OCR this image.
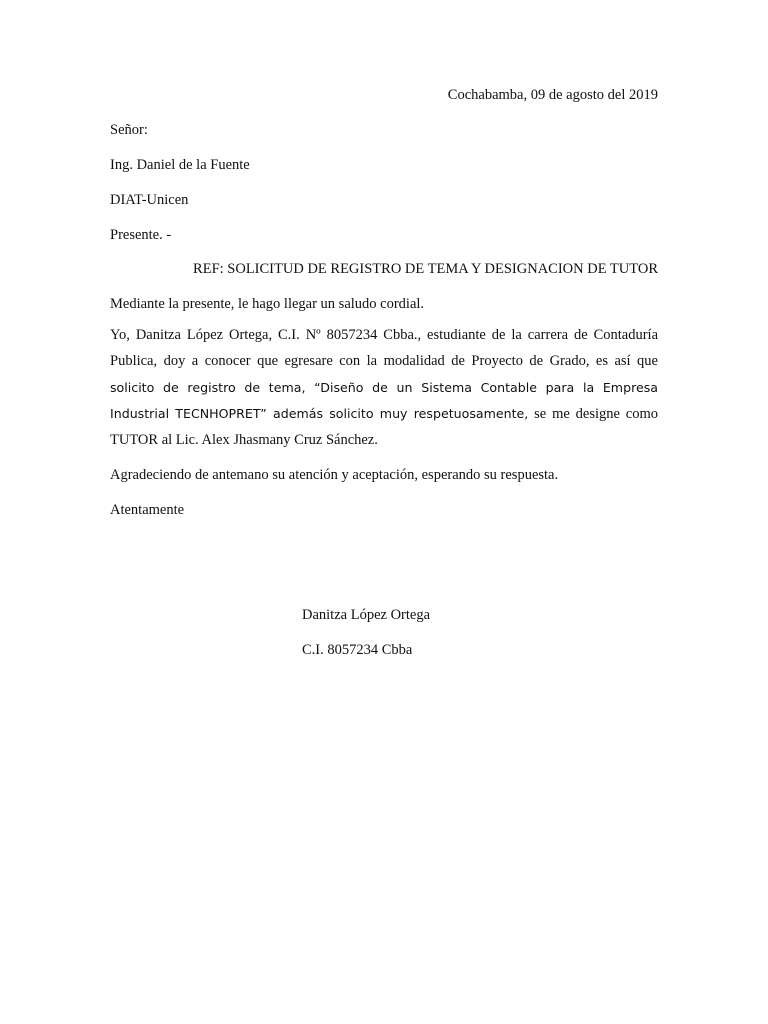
Cochabamba, 09 de agosto del 2019
Señor:
Ing. Daniel de la Fuente
DIAT-Unicen
Presente. -
REF: SOLICITUD DE REGISTRO DE TEMA Y DESIGNACION DE TUTOR
Mediante la presente, le hago llegar un saludo cordial.
Yo, Danitza López Ortega, C.I. Nº 8057234 Cbba., estudiante de la carrera de Contaduría Publica, doy a conocer que egresare con la modalidad de Proyecto de Grado, es así que solicito de registro de tema, “Diseño de un Sistema Contable para la Empresa Industrial TECNHOPRET” además solicito muy respetuosamente, se me designe como TUTOR al Lic. Alex Jhasmany Cruz Sánchez.
Agradeciendo de antemano su atención y aceptación, esperando su respuesta.
Atentamente
Danitza López Ortega
C.I. 8057234 Cbba
